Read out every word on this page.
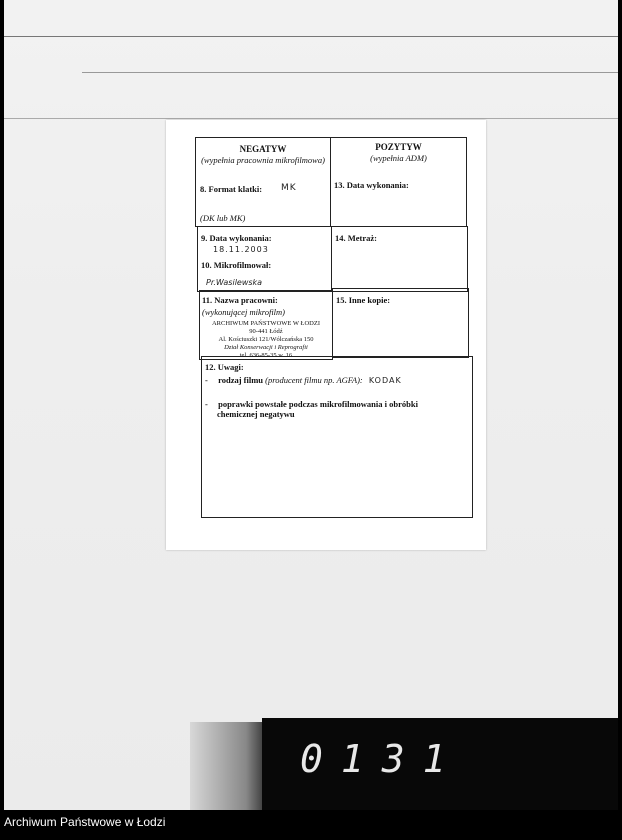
NEGATYW
(wypełnia pracownia mikrofilmowa)
8. Format klatki: MK
(DK lub MK)
POZYTYW
(wypełnia ADM)
13. Data wykonania:
9. Data wykonania:
18.11.2003
10. Mikrofilmował:
Pr.Wasilewska
14. Metraż:
11. Nazwa pracowni:
(wykonującej mikrofilm)
ARCHIWUM PAŃSTWOWE W ŁODZI
90-441 Łódź
Al. Kościuszki 121/Wólczańska 150
Dział Konserwacji i Reprografii
tel. 636-85-35 w. 16
15. Inne kopie:
12. Uwagi:
- rodzaj filmu (producent filmu np. AGFA): KODAK
- poprawki powstałe podczas mikrofilmowania i obróbki
chemicznej negatywu
0131
Archiwum Państwowe w Łodzi
